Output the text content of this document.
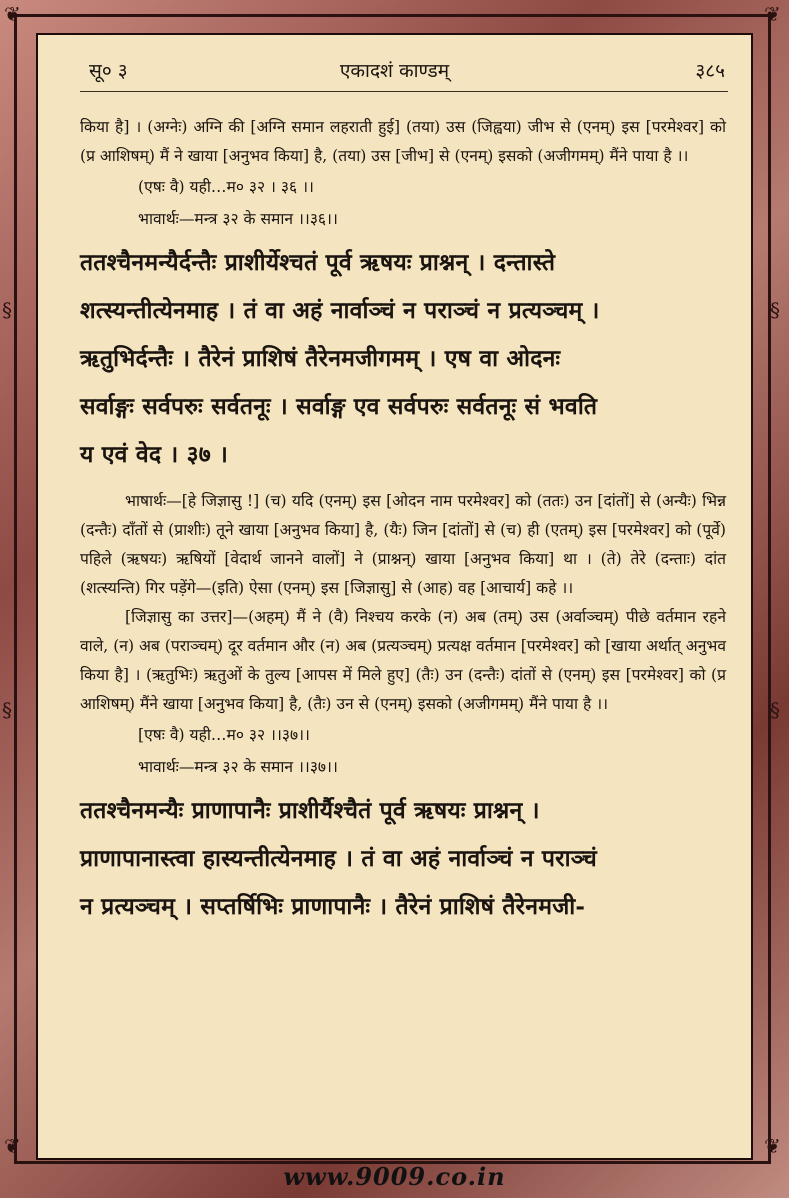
❦	❦
❦	❦
§
§
§
§
सू० ३	एकादशं काण्डम्	३८५

किया है] । (अग्नेः) अग्नि की [अग्नि समान लहराती हुई] (तया) उस (जिह्वया) जीभ से (एनम्) इस [परमेश्वर] को (प्र आशिषम्) मैं ने खाया [अनुभव किया] है, (तया) उस [जीभ] से (एनम्) इसको (अजीगमम्) मैंने पाया है ।।

(एषः वै) यही…म० ३२ । ३६ ।।

भावार्थः—मन्त्र ३२ के समान ।।३६।।

ततश्चैनमन्यैर्दन्तैः प्राशीर्येश्चतं पूर्व ऋषयः प्राश्नन् । दन्तास्ते

शत्स्यन्तीत्येनमाह । तं वा अहं नार्वाञ्चं न पराञ्चं न प्रत्यञ्चम् ।

ऋतुभिर्दन्तैः । तैरेनं प्राशिषं तैरेनमजीगमम् । एष वा ओदनः

सर्वाङ्गः सर्वपरुः सर्वतनूः । सर्वाङ्ग एव सर्वपरुः सर्वतनूः सं भवति

य एवं वेद । ३७ ।

भाषार्थः—[हे जिज्ञासु !] (च) यदि (एनम्) इस [ओदन नाम परमेश्वर] को (ततः) उन [दांतों] से (अन्यैः) भिन्न (दन्तैः) दाँतों से (प्राशीः) तूने खाया [अनुभव किया] है, (यैः) जिन [दांतों] से (च) ही (एतम्) इस [परमेश्वर] को (पूर्वे) पहिले (ऋषयः) ऋषियों [वेदार्थ जानने वालों] ने (प्राश्नन्) खाया [अनुभव किया] था । (ते) तेरे (दन्ताः) दांत (शत्स्यन्ति) गिर पड़ेंगे—(इति) ऐसा (एनम्) इस [जिज्ञासु] से (आह) वह [आचार्य] कहे ।।

[जिज्ञासु का उत्तर]—(अहम्) मैं ने (वै) निश्चय करके (न) अब (तम्) उस (अर्वाञ्चम्) पीछे वर्तमान रहने वाले, (न) अब (पराञ्चम्) दूर वर्तमान और (न) अब (प्रत्यञ्चम्) प्रत्यक्ष वर्तमान [परमेश्वर] को [खाया अर्थात् अनुभव किया है] । (ऋतुभिः) ऋतुओं के तुल्य [आपस में मिले हुए] (तैः) उन (दन्तैः) दांतों से (एनम्) इस [परमेश्वर] को (प्र आशिषम्) मैंने खाया [अनुभव किया] है, (तैः) उन से (एनम्) इसको (अजीगमम्) मैंने पाया है ।।

[एषः वै) यही…म० ३२ ।।३७।।

भावार्थः—मन्त्र ३२ के समान ।।३७।।

ततश्चैनमन्यैः प्राणापानैः प्राशीर्यैश्चैतं पूर्व ऋषयः प्राश्नन् ।

प्राणापानास्त्वा हास्यन्तीत्येनमाह । तं वा अहं नार्वाञ्चं न पराञ्चं

न प्रत्यञ्चम् । सप्तर्षिभिः प्राणापानैः । तैरेनं प्राशिषं तैरेनमजी-

www.9009.co.in
